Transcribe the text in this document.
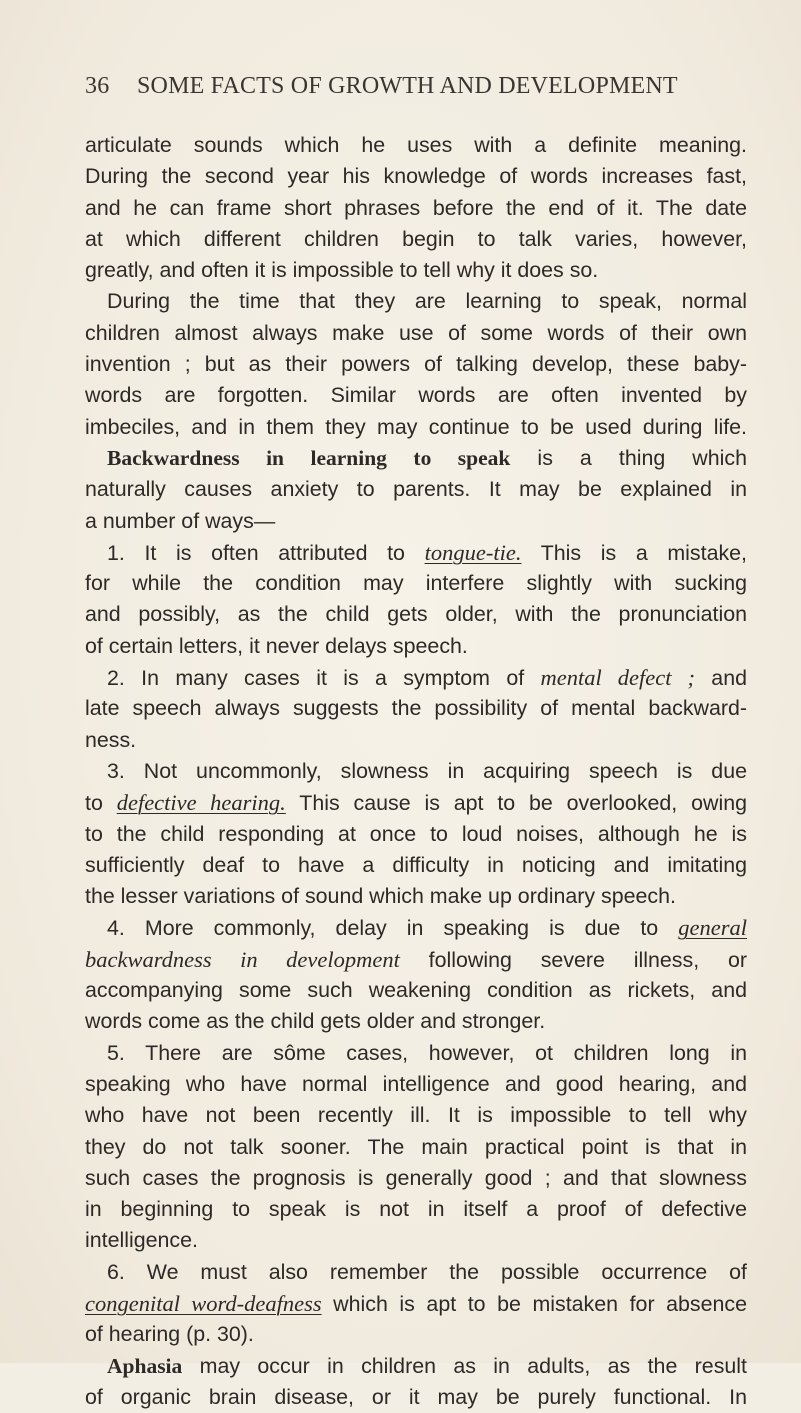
36 SOME FACTS OF GROWTH AND DEVELOPMENT
articulate sounds which he uses with a definite meaning.
During the second year his knowledge of words increases fast,
and he can frame short phrases before the end of it. The date
at which different children begin to talk varies, however,
greatly, and often it is impossible to tell why it does so.
During the time that they are learning to speak, normal
children almost always make use of some words of their own
invention ; but as their powers of talking develop, these baby-
words are forgotten. Similar words are often invented by
imbeciles, and in them they may continue to be used during life.
Backwardness in learning to speak is a thing which
naturally causes anxiety to parents. It may be explained in
a number of ways—
1. It is often attributed to tongue-tie. This is a mistake,
for while the condition may interfere slightly with sucking
and possibly, as the child gets older, with the pronunciation
of certain letters, it never delays speech.
2. In many cases it is a symptom of mental defect ; and
late speech always suggests the possibility of mental backward-
ness.
3. Not uncommonly, slowness in acquiring speech is due
to defective hearing. This cause is apt to be overlooked, owing
to the child responding at once to loud noises, although he is
sufficiently deaf to have a difficulty in noticing and imitating
the lesser variations of sound which make up ordinary speech.
4. More commonly, delay in speaking is due to general
backwardness in development following severe illness, or
accompanying some such weakening condition as rickets, and
words come as the child gets older and stronger.
5. There are sôme cases, however, ot children long in
speaking who have normal intelligence and good hearing, and
who have not been recently ill. It is impossible to tell why
they do not talk sooner. The main practical point is that in
such cases the prognosis is generally good ; and that slowness
in beginning to speak is not in itself a proof of defective
intelligence.
6. We must also remember the possible occurrence of
congenital word-deafness which is apt to be mistaken for absence
of hearing (p. 30).
Aphasia may occur in children as in adults, as the result
of organic brain disease, or it may be purely functional. In
